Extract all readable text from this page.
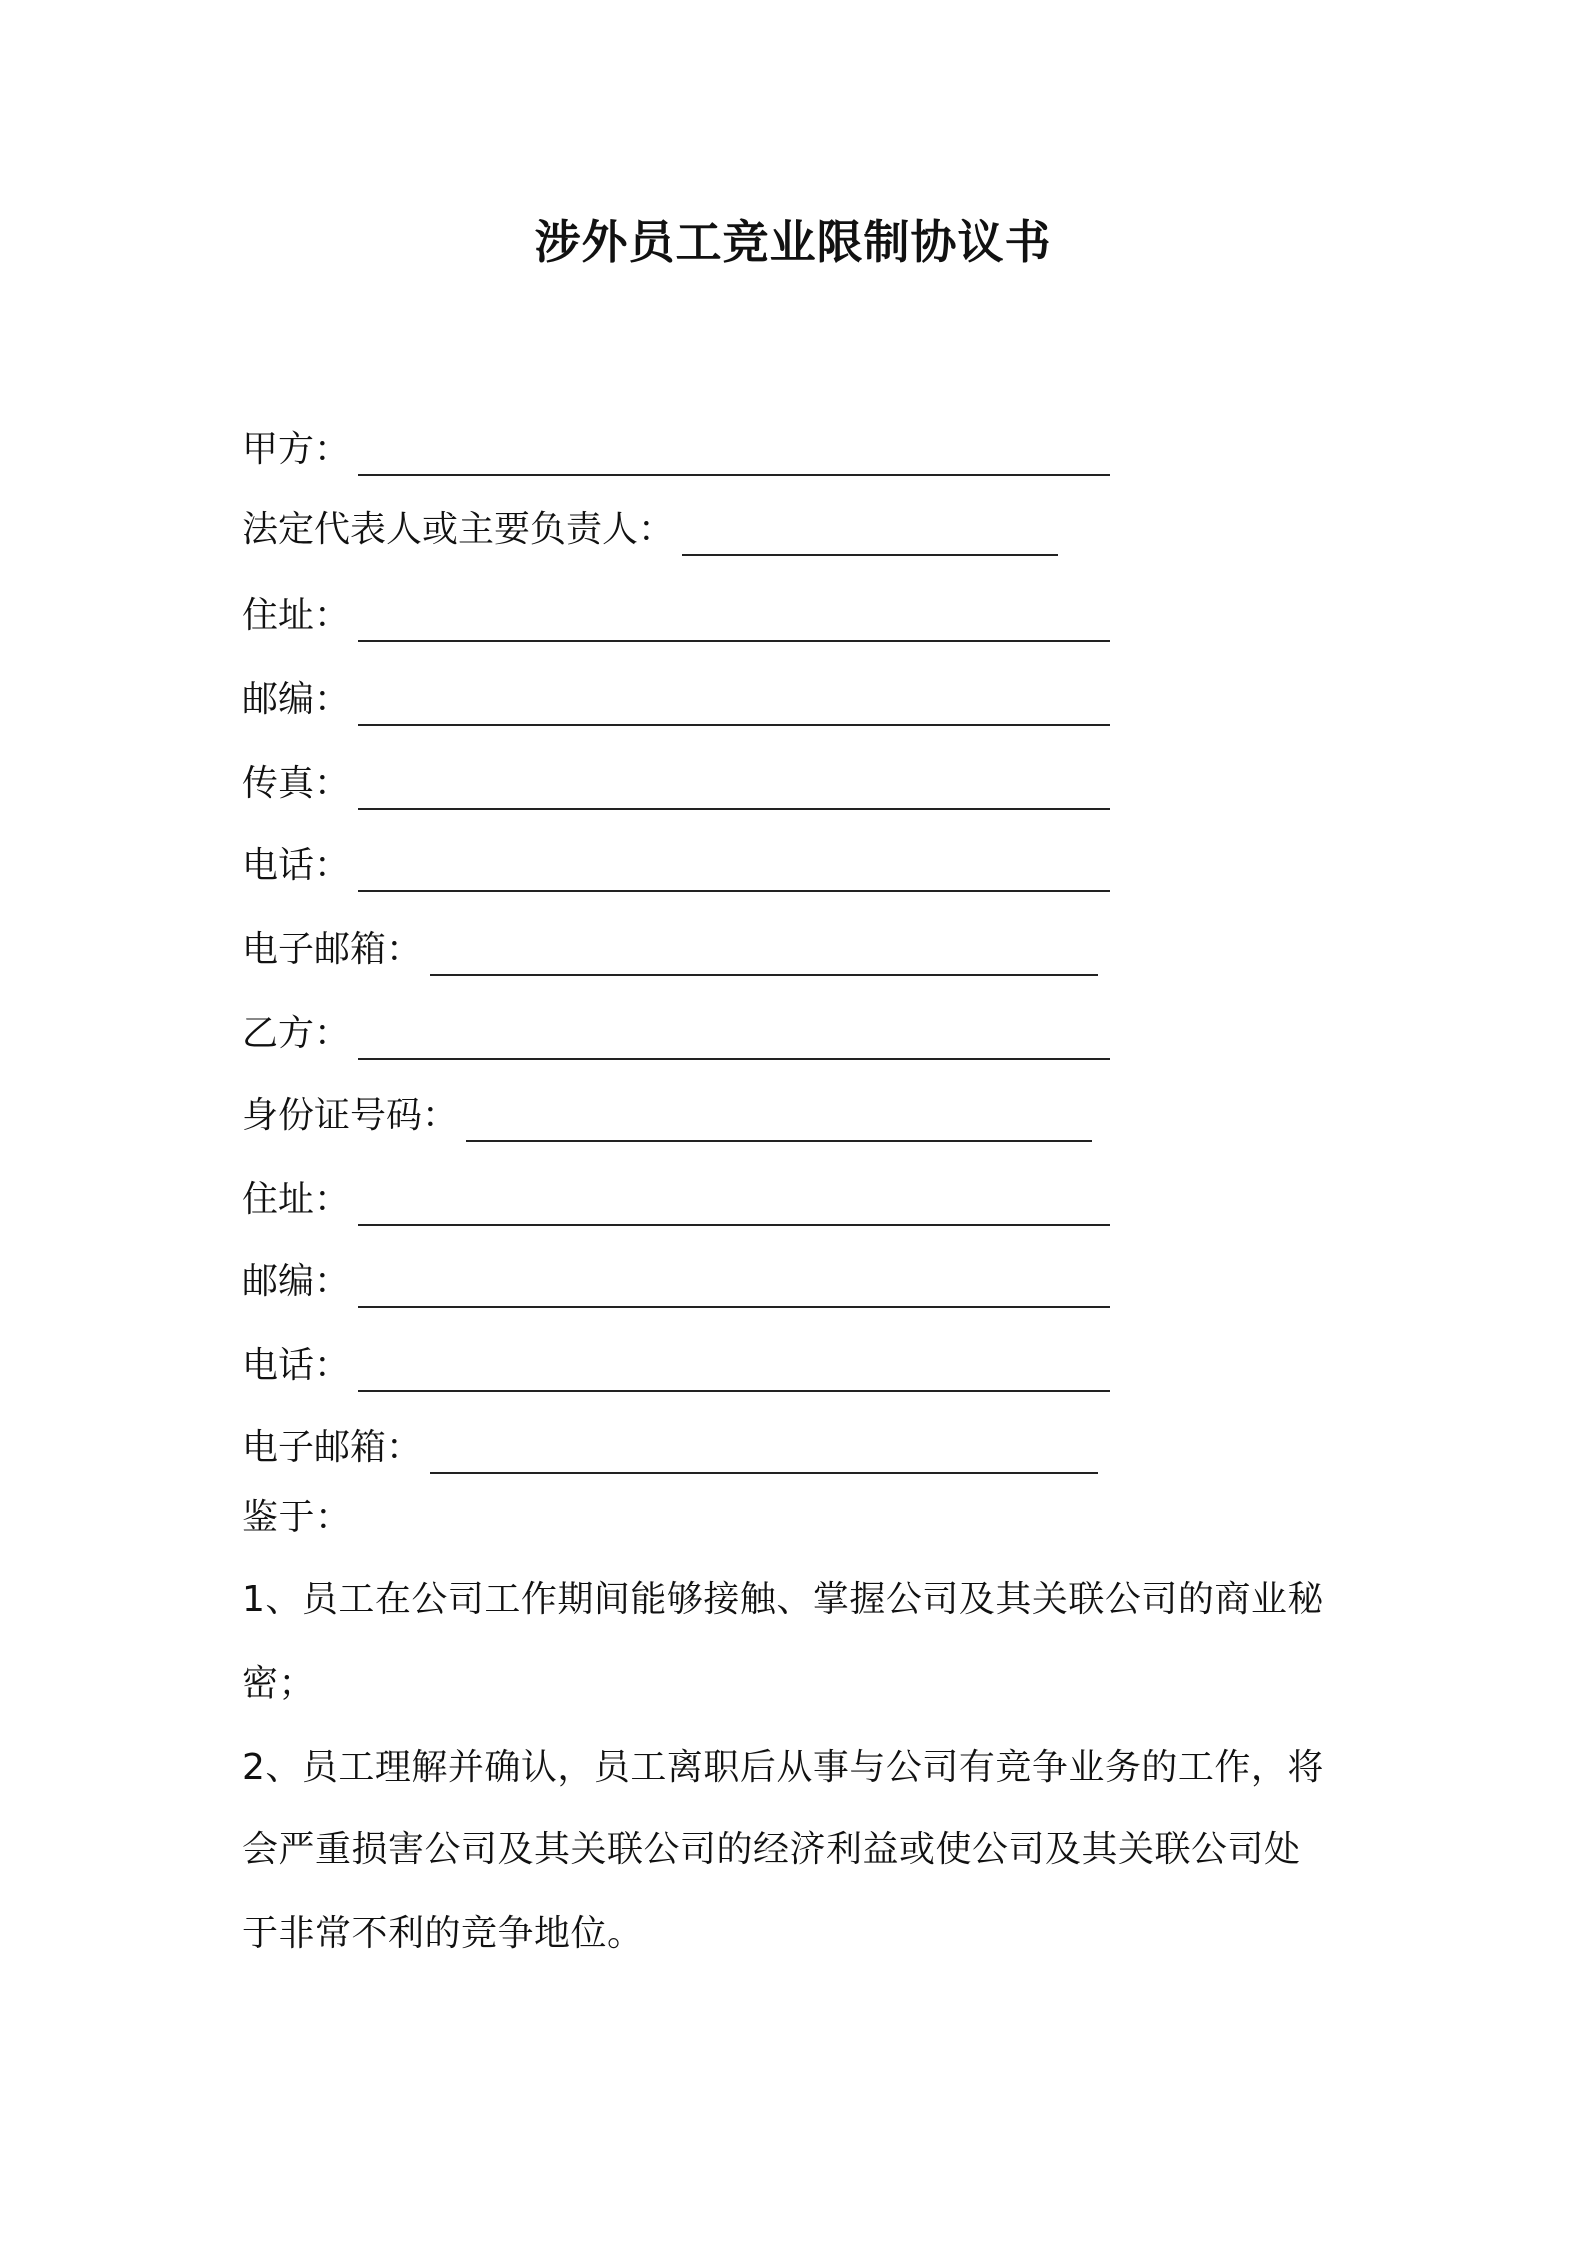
涉外员工竞业限制协议书
甲方：
法定代表人或主要负责人：
住址：
邮编：
传真：
电话：
电子邮箱：
乙方：
身份证号码：
住址：
邮编：
电话：
电子邮箱：
鉴于：
1、员工在公司工作期间能够接触、掌握公司及其关联公司的商业秘
密；
2、员工理解并确认，员工离职后从事与公司有竞争业务的工作，将
会严重损害公司及其关联公司的经济利益或使公司及其关联公司处
于非常不利的竞争地位。
